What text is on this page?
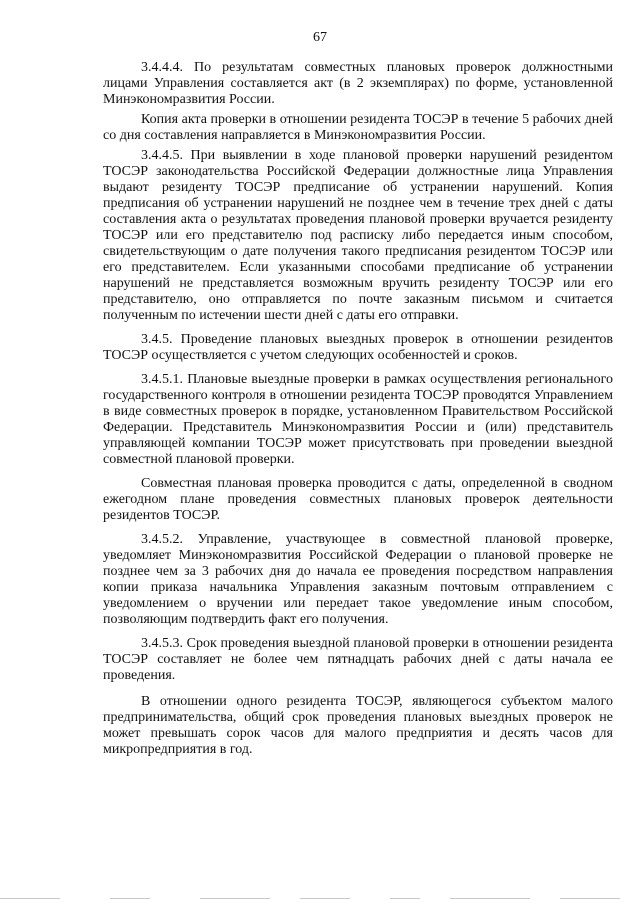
67

3.4.4.4. По результатам совместных плановых проверок должностными лицами Управления составляется акт (в 2 экземплярах) по форме, установленной Минэкономразвития России.

Копия акта проверки в отношении резидента ТОСЭР в течение 5 рабочих дней со дня составления направляется в Минэкономразвития России.

3.4.4.5. При выявлении в ходе плановой проверки нарушений резидентом ТОСЭР законодательства Российской Федерации должностные лица Управления выдают резиденту ТОСЭР предписание об устранении нарушений. Копия предписания об устранении нарушений не позднее чем в течение трех дней с даты составления акта о результатах проведения плановой проверки вручается резиденту ТОСЭР или его представителю под расписку либо передается иным способом, свидетельствующим о дате получения такого предписания резидентом ТОСЭР или его представителем. Если указанными способами предписание об устранении нарушений не представляется возможным вручить резиденту ТОСЭР или его представителю, оно отправляется по почте заказным письмом и считается полученным по истечении шести дней с даты его отправки.

3.4.5. Проведение плановых выездных проверок в отношении резидентов ТОСЭР осуществляется с учетом следующих особенностей и сроков.

3.4.5.1. Плановые выездные проверки в рамках осуществления регионального государственного контроля в отношении резидента ТОСЭР проводятся Управлением в виде совместных проверок в порядке, установленном Правительством Российской Федерации. Представитель Минэкономразвития России и (или) представитель управляющей компании ТОСЭР может присутствовать при проведении выездной совместной плановой проверки.

Совместная плановая проверка проводится с даты, определенной в сводном ежегодном плане проведения совместных плановых проверок деятельности резидентов ТОСЭР.

3.4.5.2. Управление, участвующее в совместной плановой проверке, уведомляет Минэкономразвития Российской Федерации о плановой проверке не позднее чем за 3 рабочих дня до начала ее проведения посредством направления копии приказа начальника Управления заказным почтовым отправлением с уведомлением о вручении или передает такое уведомление иным способом, позволяющим подтвердить факт его получения.

3.4.5.3. Срок проведения выездной плановой проверки в отношении резидента ТОСЭР составляет не более чем пятнадцать рабочих дней с даты начала ее проведения.

В отношении одного резидента ТОСЭР, являющегося субъектом малого предпринимательства, общий срок проведения плановых выездных проверок не может превышать сорок часов для малого предприятия и десять часов для микропредприятия в год.
